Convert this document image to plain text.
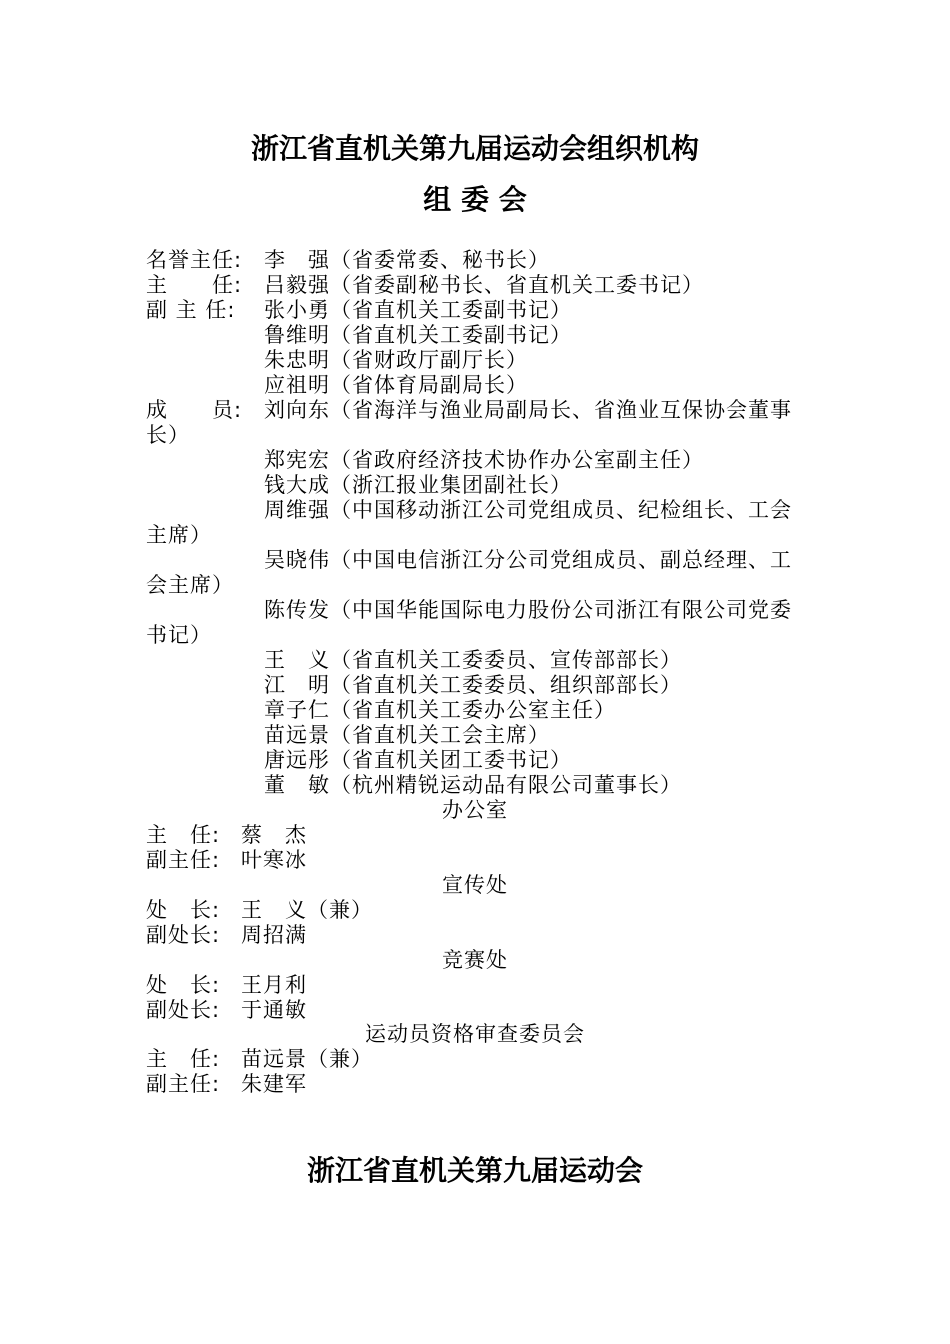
浙江省直机关第九届运动会组织机构
组 委 会
名誉主任: 李　强（省委常委、秘书长）
主　　任: 吕毅强（省委副秘书长、省直机关工委书记）
副 主 任: 张小勇（省直机关工委副书记）
鲁维明（省直机关工委副书记）
朱忠明（省财政厅副厅长）
应祖明（省体育局副局长）
成　　员: 刘向东（省海洋与渔业局副局长、省渔业互保协会董事
长）
郑宪宏（省政府经济技术协作办公室副主任）
钱大成（浙江报业集团副社长）
周维强（中国移动浙江公司党组成员、纪检组长、工会
主席）
吴晓伟（中国电信浙江分公司党组成员、副总经理、工
会主席）
陈传发（中国华能国际电力股份公司浙江有限公司党委
书记）
王　义（省直机关工委委员、宣传部部长）
江　明（省直机关工委委员、组织部部长）
章子仁（省直机关工委办公室主任）
苗远景（省直机关工会主席）
唐远彤（省直机关团工委书记）
董　敏（杭州精锐运动品有限公司董事长）
办公室
主　任: 蔡　杰
副主任: 叶寒冰
宣传处
处　长: 王　义（兼）
副处长: 周招满
竞赛处
处　长: 王月利
副处长: 于通敏
运动员资格审查委员会
主　任: 苗远景（兼）
副主任: 朱建军
浙江省直机关第九届运动会
